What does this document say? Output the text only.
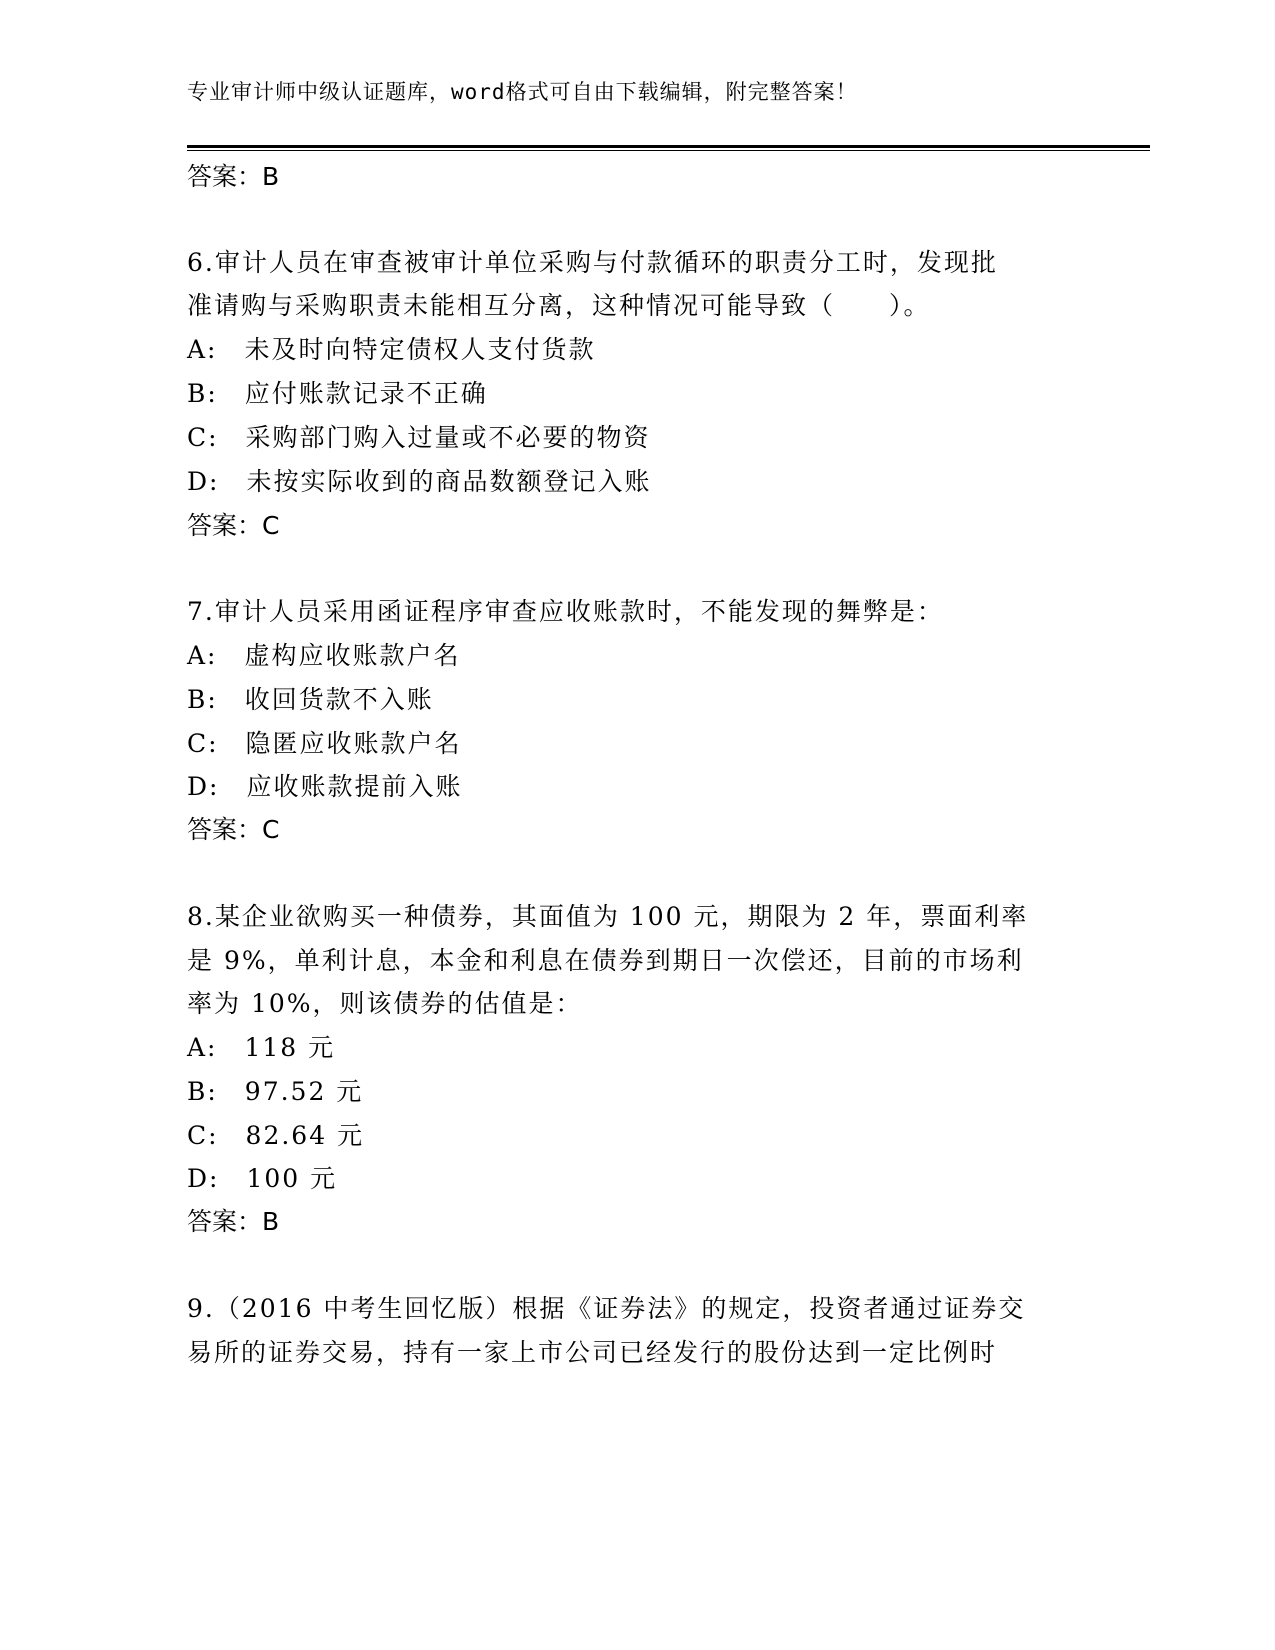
专业审计师中级认证题库，word格式可自由下载编辑，附完整答案！
答案：B
6.审计人员在审查被审计单位采购与付款循环的职责分工时，发现批
准请购与采购职责未能相互分离，这种情况可能导致（　　）。
A:　未及时向特定债权人支付货款
B:　应付账款记录不正确
C:　采购部门购入过量或不必要的物资
D:　未按实际收到的商品数额登记入账
答案：C
7.审计人员采用函证程序审查应收账款时，不能发现的舞弊是：
A:　虚构应收账款户名
B:　收回货款不入账
C:　隐匿应收账款户名
D:　应收账款提前入账
答案：C
8.某企业欲购买一种债券，其面值为 100 元，期限为 2 年，票面利率
是 9%，单利计息，本金和利息在债券到期日一次偿还，目前的市场利
率为 10%，则该债券的估值是：
A:　118 元
B:　97.52 元
C:　82.64 元
D:　100 元
答案：B
9.（2016 中考生回忆版）根据《证券法》的规定，投资者通过证券交
易所的证券交易，持有一家上市公司已经发行的股份达到一定比例时
